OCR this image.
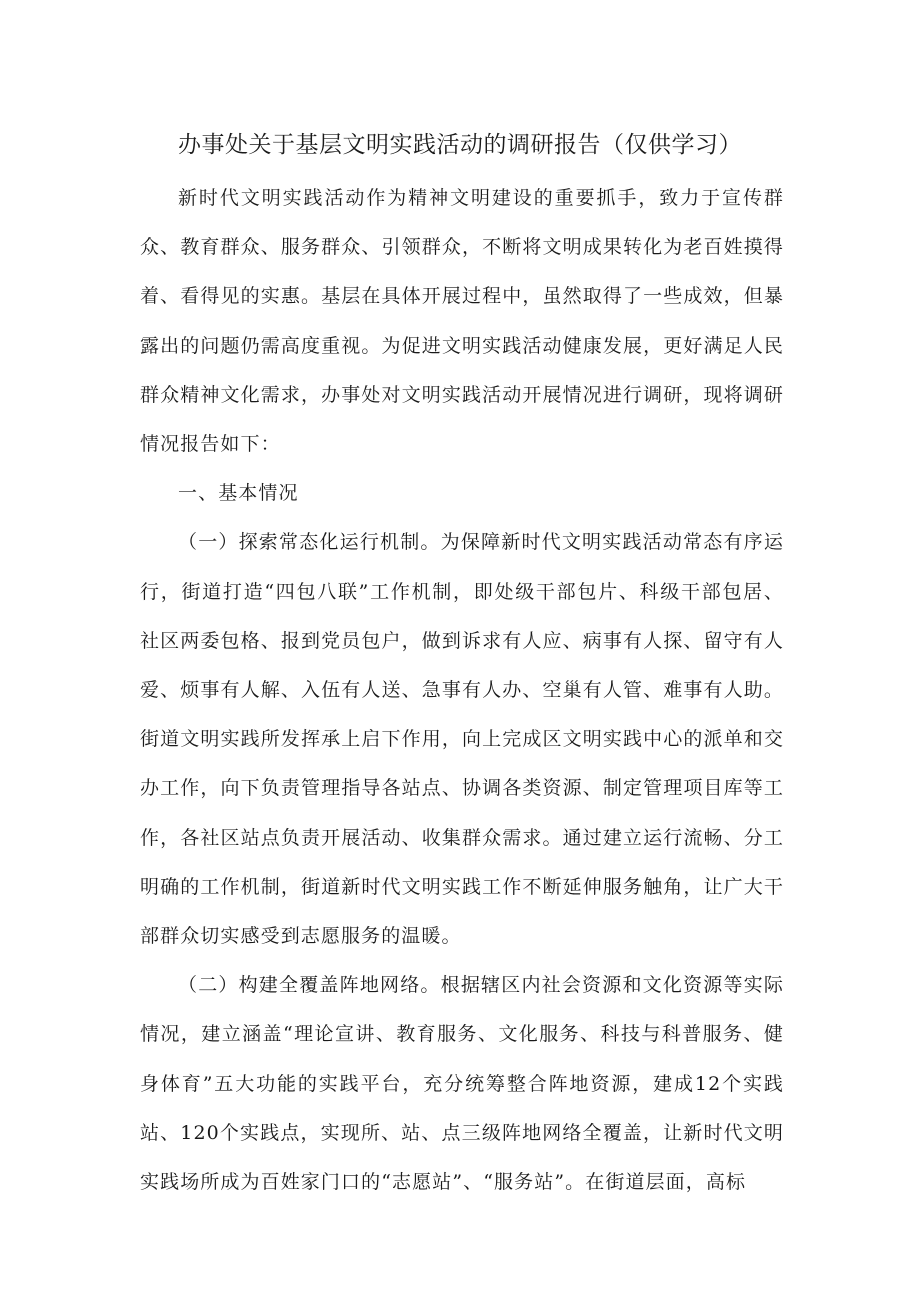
办事处关于基层文明实践活动的调研报告（仅供学习）

新时代文明实践活动作为精神文明建设的重要抓手，致力于宣传群众、教育群众、服务群众、引领群众，不断将文明成果转化为老百姓摸得着、看得见的实惠。基层在具体开展过程中，虽然取得了一些成效，但暴露出的问题仍需高度重视。为促进文明实践活动健康发展，更好满足人民群众精神文化需求，办事处对文明实践活动开展情况进行调研，现将调研情况报告如下：

一、基本情况

（一）探索常态化运行机制。为保障新时代文明实践活动常态有序运行，街道打造“四包八联”工作机制，即处级干部包片、科级干部包居、社区两委包格、报到党员包户，做到诉求有人应、病事有人探、留守有人爱、烦事有人解、入伍有人送、急事有人办、空巢有人管、难事有人助。街道文明实践所发挥承上启下作用，向上完成区文明实践中心的派单和交办工作，向下负责管理指导各站点、协调各类资源、制定管理项目库等工作，各社区站点负责开展活动、收集群众需求。通过建立运行流畅、分工明确的工作机制，街道新时代文明实践工作不断延伸服务触角，让广大干部群众切实感受到志愿服务的温暖。

（二）构建全覆盖阵地网络。根据辖区内社会资源和文化资源等实际情况，建立涵盖“理论宣讲、教育服务、文化服务、科技与科普服务、健身体育”五大功能的实践平台，充分统筹整合阵地资源，建成12个实践站、120个实践点，实现所、站、点三级阵地网络全覆盖，让新时代文明实践场所成为百姓家门口的“志愿站”、“服务站”。在街道层面，高标
